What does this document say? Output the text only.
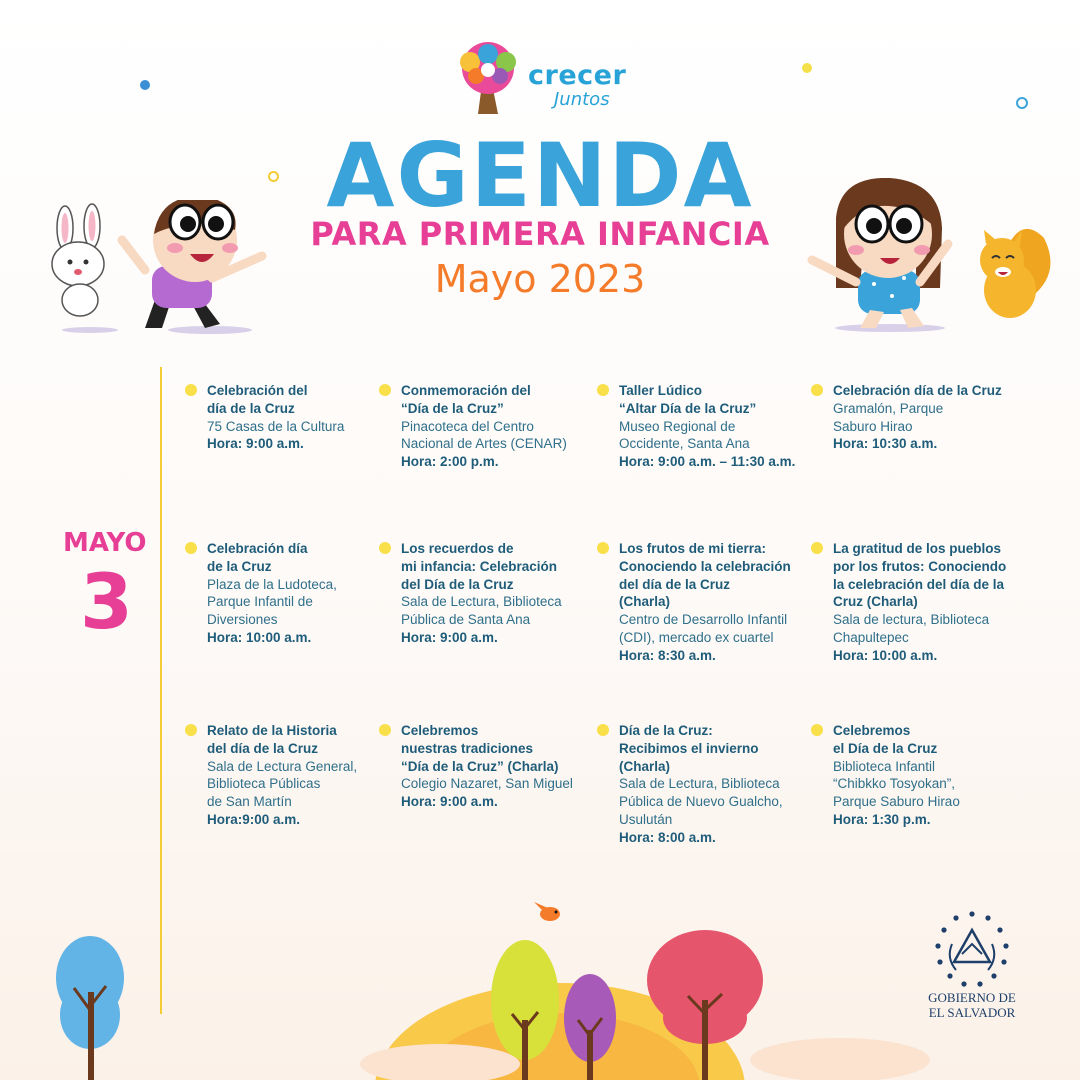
crecer
Juntos
AGENDA
PARA PRIMERA INFANCIA
Mayo 2023
MAYO
3
Celebración del
día de la Cruz
75 Casas de la Cultura
Hora: 9:00 a.m.
Conmemoración del
“Día de la Cruz”
Pinacoteca del Centro
Nacional de Artes (CENAR)
Hora: 2:00 p.m.
Taller Lúdico
“Altar Día de la Cruz”
Museo Regional de
Occidente, Santa Ana
Hora: 9:00 a.m. – 11:30 a.m.
Celebración día de la Cruz
Gramalón, Parque
Saburo Hirao
Hora: 10:30 a.m.
Celebración día
de la Cruz
Plaza de la Ludoteca,
Parque Infantil de
Diversiones
Hora: 10:00 a.m.
Los recuerdos de
mi infancia: Celebración
del Día de la Cruz
Sala de Lectura, Biblioteca
Pública de Santa Ana
Hora: 9:00 a.m.
Los frutos de mi tierra:
Conociendo la celebración
del día de la Cruz
(Charla)
Centro de Desarrollo Infantil
(CDI), mercado ex cuartel
Hora: 8:30 a.m.
La gratitud de los pueblos
por los frutos: Conociendo
la celebración del día de la
Cruz (Charla)
Sala de lectura, Biblioteca
Chapultepec
Hora: 10:00 a.m.
Relato de la Historia
del día de la Cruz
Sala de Lectura General,
Biblioteca Públicas
de San Martín
Hora:9:00 a.m.
Celebremos
nuestras tradiciones
“Día de la Cruz” (Charla)
Colegio Nazaret, San Miguel
Hora: 9:00 a.m.
Día de la Cruz:
Recibimos el invierno
(Charla)
Sala de Lectura, Biblioteca
Pública de Nuevo Gualcho,
Usulután
Hora: 8:00 a.m.
Celebremos
el Día de la Cruz
Biblioteca Infantil
“Chibkko Tosyokan”,
Parque Saburo Hirao
Hora: 1:30 p.m.
GOBIERNO DE
EL SALVADOR
